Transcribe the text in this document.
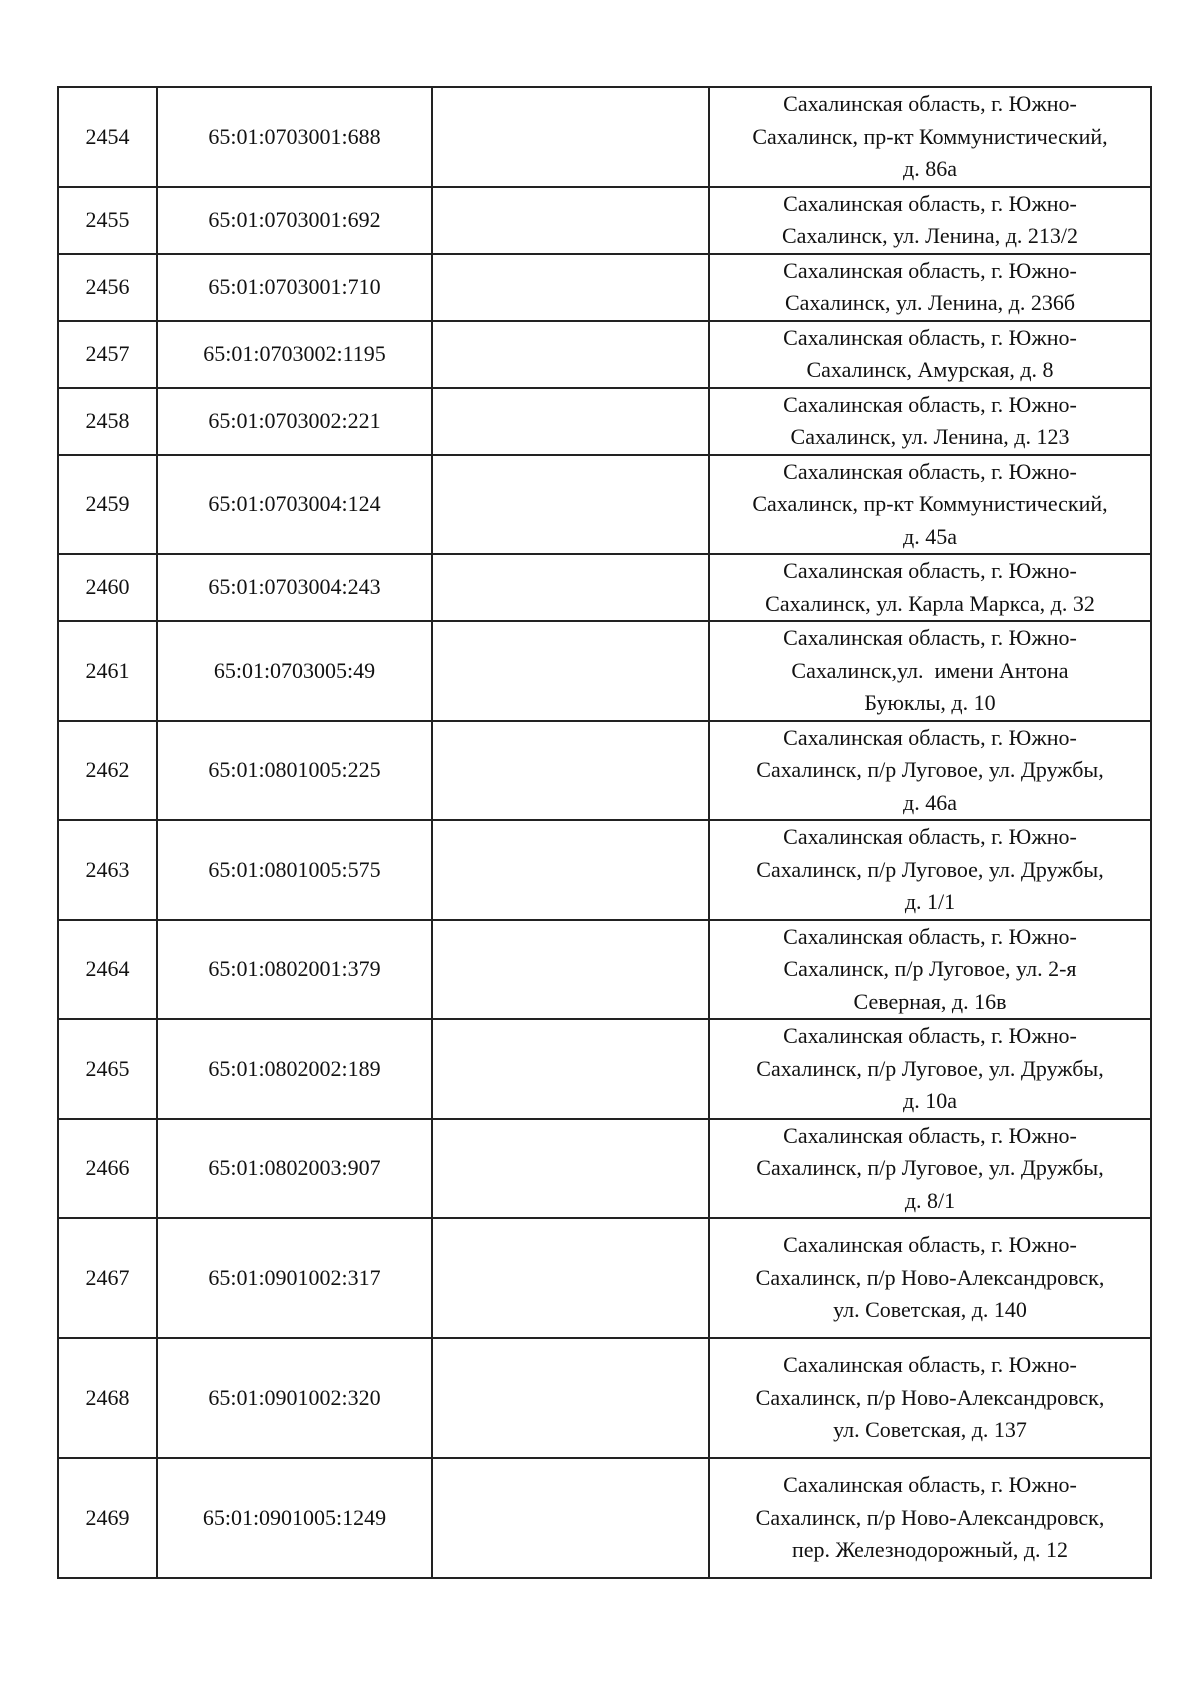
2454	65:01:0703001:688		Сахалинская область, г. Южно-
Сахалинск, пр-кт Коммунистический,
д. 86а

2455	65:01:0703001:692		Сахалинская область, г. Южно-
Сахалинск, ул. Ленина, д. 213/2

2456	65:01:0703001:710		Сахалинская область, г. Южно-
Сахалинск, ул. Ленина, д. 236б

2457	65:01:0703002:1195		Сахалинская область, г. Южно-
Сахалинск, Амурская, д. 8

2458	65:01:0703002:221		Сахалинская область, г. Южно-
Сахалинск, ул. Ленина, д. 123

2459	65:01:0703004:124		Сахалинская область, г. Южно-
Сахалинск, пр-кт Коммунистический,
д. 45а

2460	65:01:0703004:243		Сахалинская область, г. Южно-
Сахалинск, ул. Карла Маркса, д. 32

2461	65:01:0703005:49		Сахалинская область, г. Южно-
Сахалинск,ул.  имени Антона
Буюклы, д. 10

2462	65:01:0801005:225		Сахалинская область, г. Южно-
Сахалинск, п/р Луговое, ул. Дружбы,
д. 46а

2463	65:01:0801005:575		Сахалинская область, г. Южно-
Сахалинск, п/р Луговое, ул. Дружбы,
д. 1/1

2464	65:01:0802001:379		Сахалинская область, г. Южно-
Сахалинск, п/р Луговое, ул. 2-я
Северная, д. 16в

2465	65:01:0802002:189		Сахалинская область, г. Южно-
Сахалинск, п/р Луговое, ул. Дружбы,
д. 10а

2466	65:01:0802003:907		Сахалинская область, г. Южно-
Сахалинск, п/р Луговое, ул. Дружбы,
д. 8/1

2467	65:01:0901002:317		Сахалинская область, г. Южно-
Сахалинск, п/р Ново-Александровск,
ул. Советская, д. 140

2468	65:01:0901002:320		Сахалинская область, г. Южно-
Сахалинск, п/р Ново-Александровск,
ул. Советская, д. 137

2469	65:01:0901005:1249		Сахалинская область, г. Южно-
Сахалинск, п/р Ново-Александровск,
пер. Железнодорожный, д. 12
